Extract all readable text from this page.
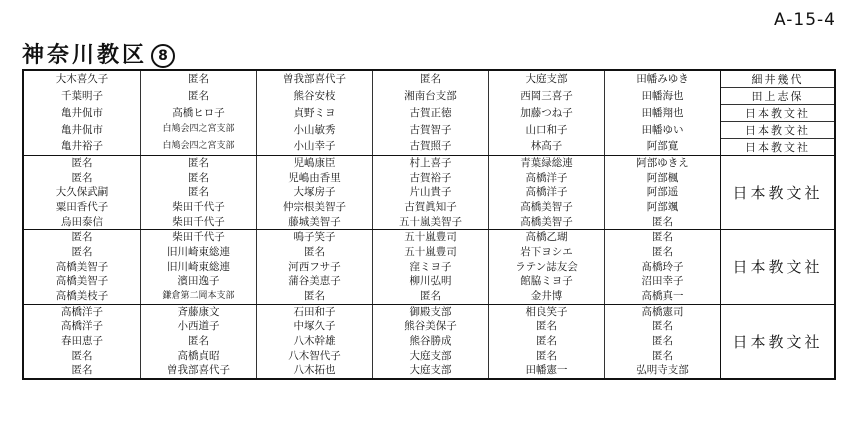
A-15-4
神奈川教区 8
大木喜久子
千葉明子
亀井侃市
亀井侃市
亀井裕子
匿名
匿名
高橋ヒロ子
白鳩会四之宮支部
白鳩会四之宮支部
曽我部喜代子
熊谷安枝
貞野ミヨ
小山敏秀
小山幸子
匿名
湘南台支部
古賀正徳
古賀智子
古賀照子
大庭支部
西岡三喜子
加藤つね子
山口和子
林高子
田幡みゆき
田幡海也
田幡翔也
田幡ゆい
阿部寛
細井幾代
田上志保
日本教文社
日本教文社
日本教文社
匿名
匿名
大久保武嗣
粟田香代子
烏田泰信
匿名
匿名
匿名
柴田千代子
柴田千代子
児嶋康臣
児嶋由香里
大塚房子
仲宗根美智子
藤城美智子
村上喜子
古賀裕子
片山貴子
古賀眞知子
五十嵐美智子
青葉緑総連
高橋洋子
高橋洋子
高橋美智子
高橋美智子
阿部ゆきえ
阿部楓
阿部遥
阿部颯
匿名
日本教文社
匿名
匿名
高橋美智子
高橋美智子
高橋美枝子
柴田千代子
旧川崎東総連
旧川崎東総連
濱田逸子
鎌倉第二岡本支部
鳴子笑子
匿名
河西フサ子
蒲谷美恵子
匿名
五十嵐豊司
五十嵐豊司
窪ミヨ子
柳川弘明
匿名
高橋乙瑚
岩下ヨシエ
ラテン誌友会
館脇ミヨ子
金井博
匿名
匿名
髙橋玲子
沼田幸子
高橋真一
日本教文社
高橋洋子
高橋洋子
春田恵子
匿名
匿名
斉藤康文
小西道子
匿名
高橋貞昭
曽我部喜代子
石田和子
中塚久子
八木幹雄
八木智代子
八木拓也
御殿支部
熊谷美保子
熊谷勝成
大庭支部
大庭支部
相良笑子
匿名
匿名
匿名
田幡憲一
高橋憲司
匿名
匿名
匿名
弘明寺支部
日本教文社
